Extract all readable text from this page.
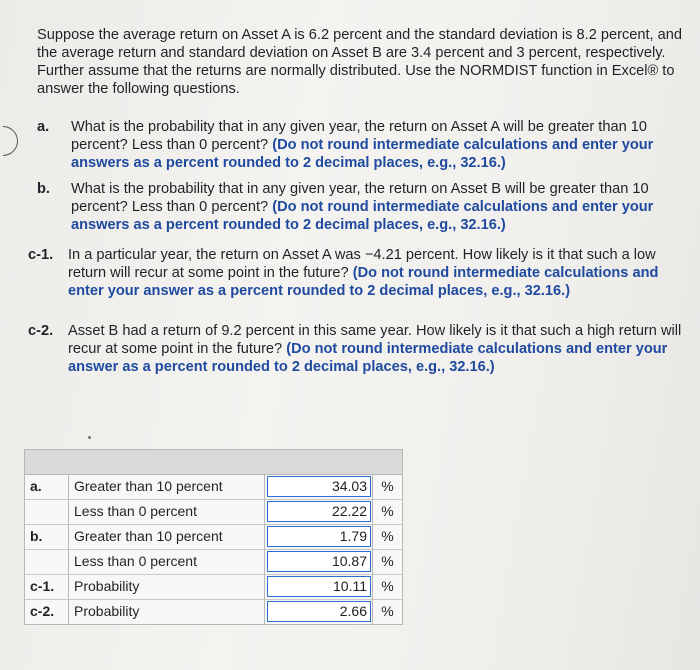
Suppose the average return on Asset A is 6.2 percent and the standard deviation is 8.2 percent, and the average return and standard deviation on Asset B are 3.4 percent and 3 percent, respectively. Further assume that the returns are normally distributed. Use the NORMDIST function in Excel® to answer the following questions.
a. What is the probability that in any given year, the return on Asset A will be greater than 10 percent? Less than 0 percent? (Do not round intermediate calculations and enter your answers as a percent rounded to 2 decimal places, e.g., 32.16.)
b. What is the probability that in any given year, the return on Asset B will be greater than 10 percent? Less than 0 percent? (Do not round intermediate calculations and enter your answers as a percent rounded to 2 decimal places, e.g., 32.16.)
c-1. In a particular year, the return on Asset A was −4.21 percent. How likely is it that such a low return will recur at some point in the future? (Do not round intermediate calculations and enter your answer as a percent rounded to 2 decimal places, e.g., 32.16.)
c-2. Asset B had a return of 9.2 percent in this same year. How likely is it that such a high return will recur at some point in the future? (Do not round intermediate calculations and enter your answer as a percent rounded to 2 decimal places, e.g., 32.16.)
a.	Greater than 10 percent	34.03	%
Less than 0 percent	22.22	%
b.	Greater than 10 percent	1.79	%
Less than 0 percent	10.87	%
c-1.	Probability	10.11	%
c-2.	Probability	2.66	%
